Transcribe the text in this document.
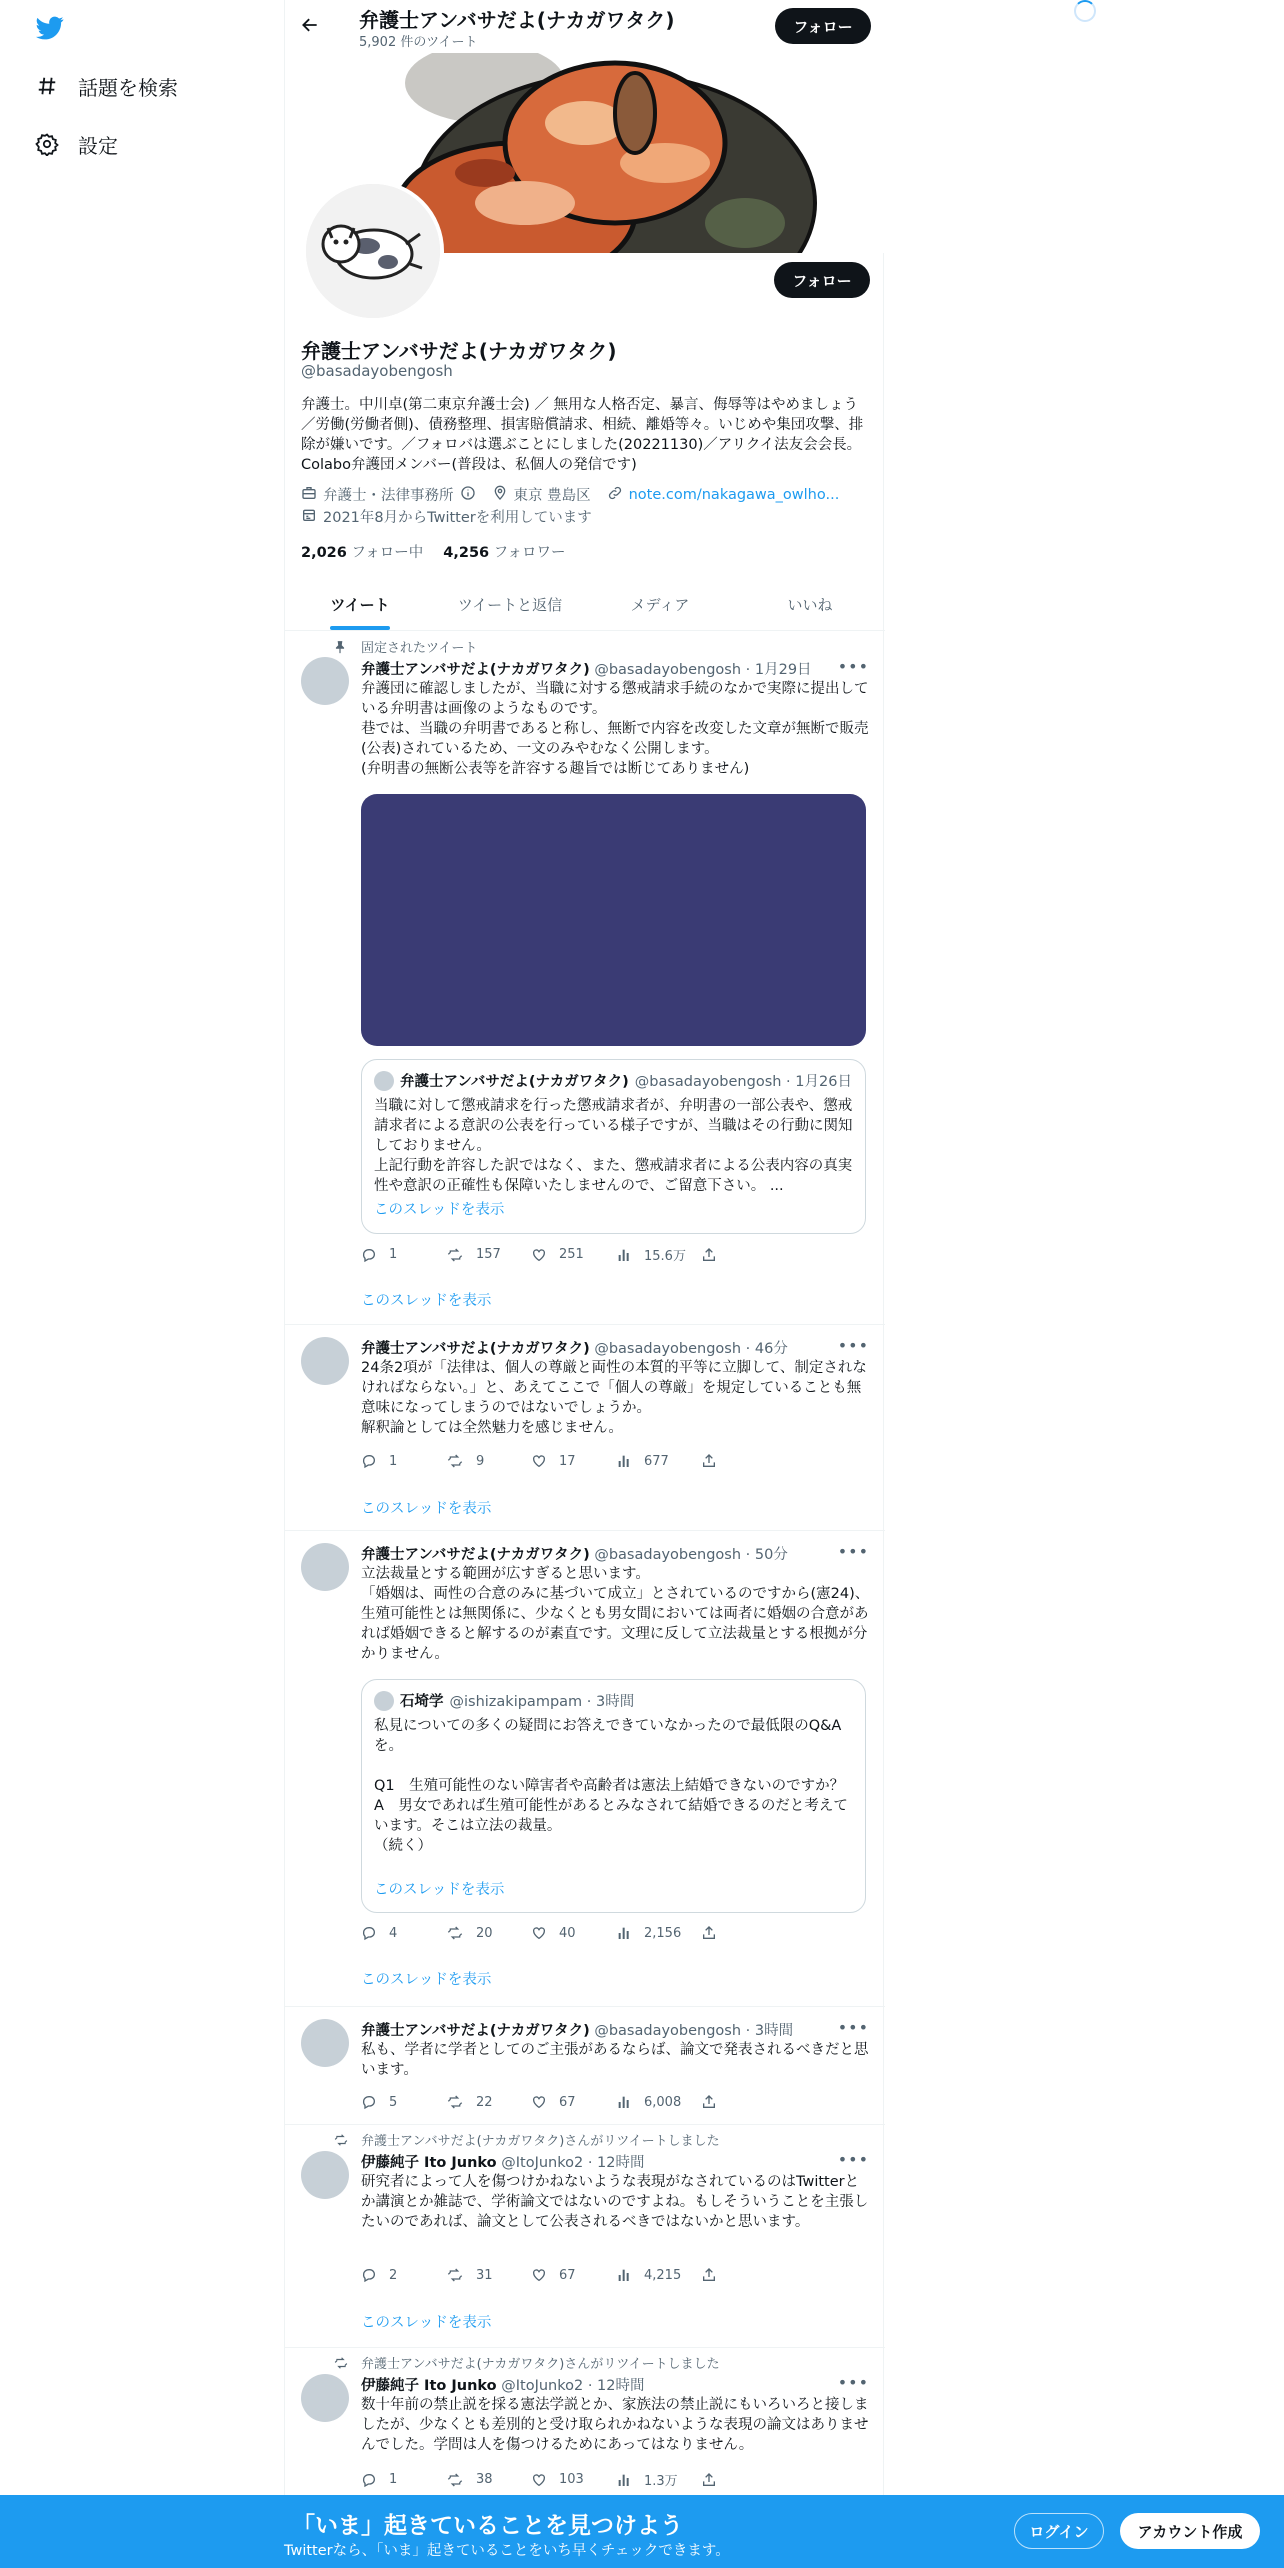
話題を検索
設定
弁護士アンバサだよ(ナカガワタク)
5,902 件のツイート
フォロー
フォロー
弁護士アンバサだよ(ナカガワタク)
@basadayobengosh
弁護士。中川卓(第二東京弁護士会) ／ 無用な人格否定、暴言、侮辱等はやめましょう／労働(労働者側)、債務整理、損害賠償請求、相続、離婚等々。いじめや集団攻撃、排除が嫌いです。／フォロバは選ぶことにしました(20221130)／アリクイ法友会会長。Colabo弁護団メンバー(普段は、私個人の発信です)
弁護士・法律事務所	東京 豊島区	note.com/nakagawa_owlho...
2021年8月からTwitterを利用しています
2,026 フォロー中 4,256 フォロワー
ツイート	ツイートと返信	メディア	いいね
固定されたツイート
弁護士アンバサだよ(ナカガワタク) @basadayobengosh · 1月29日 •••
弁護団に確認しましたが、当職に対する懲戒請求手続のなかで実際に提出している弁明書は画像のようなものです。
巷では、当職の弁明書であると称し、無断で内容を改変した文章が無断で販売(公表)されているため、一文のみやむなく公開します。
(弁明書の無断公表等を許容する趣旨では断じてありません)
弁護士アンバサだよ(ナカガワタク) @basadayobengosh · 1月26日
当職に対して懲戒請求を行った懲戒請求者が、弁明書の一部公表や、懲戒請求者による意訳の公表を行っている様子ですが、当職はその行動に関知しておりません。
上記行動を許容した訳ではなく、また、懲戒請求者による公表内容の真実性や意訳の正確性も保障いたしませんので、ご留意下さい。 ...
このスレッドを表示
1	157	251	15.6万
このスレッドを表示
弁護士アンバサだよ(ナカガワタク) @basadayobengosh · 46分	•••
24条2項が「法律は、個人の尊厳と両性の本質的平等に立脚して、制定されなければならない。」と、あえてここで「個人の尊厳」を規定していることも無意味になってしまうのではないでしょうか。
解釈論としては全然魅力を感じません。
1	9	17	677
このスレッドを表示
弁護士アンバサだよ(ナカガワタク) @basadayobengosh · 50分	•••
立法裁量とする範囲が広すぎると思います。
「婚姻は、両性の合意のみに基づいて成立」とされているのですから(憲24)、生殖可能性とは無関係に、少なくとも男女間においては両者に婚姻の合意があれば婚姻できると解するのが素直です。文理に反して立法裁量とする根拠が分かりません。
石埼学 @ishizakipampam · 3時間
私見についての多くの疑問にお答えできていなかったので最低限のQ&Aを。

Q1　生殖可能性のない障害者や高齢者は憲法上結婚できないのですか？
A　男女であれば生殖可能性があるとみなされて結婚できるのだと考えています。そこは立法の裁量。
（続く）
このスレッドを表示
4	20	40	2,156
このスレッドを表示
弁護士アンバサだよ(ナカガワタク) @basadayobengosh · 3時間	•••
私も、学者に学者としてのご主張があるならば、論文で発表されるべきだと思います。
5	22	67	6,008
弁護士アンバサだよ(ナカガワタク)さんがリツイートしました
伊藤純子 Ito Junko @ItoJunko2 · 12時間	•••
研究者によって人を傷つけかねないような表現がなされているのはTwitterとか講演とか雑誌で、学術論文ではないのですよね。もしそういうことを主張したいのであれば、論文として公表されるべきではないかと思います。
2	31	67	4,215
このスレッドを表示
弁護士アンバサだよ(ナカガワタク)さんがリツイートしました
伊藤純子 Ito Junko @ItoJunko2 · 12時間	•••
数十年前の禁止説を採る憲法学説とか、家族法の禁止説にもいろいろと接しましたが、少なくとも差別的と受け取られかねないような表現の論文はありませんでした。学問は人を傷つけるためにあってはなりません。
1	38	103	1.3万
「いま」起きていることを見つけよう
Twitterなら、「いま」起きていることをいち早くチェックできます。
ログイン	アカウント作成
